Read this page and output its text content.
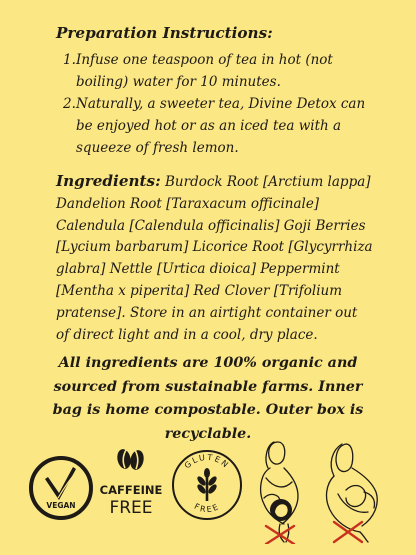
Preparation Instructions:
1. Infuse one teaspoon of tea in hot (not boiling) water for 10 minutes.
2. Naturally, a sweeter tea, Divine Detox can be enjoyed hot or as an iced tea with a squeeze of fresh lemon.

Ingredients: Burdock Root [Arctium lappa] Dandelion Root [Taraxacum officinale] Calendula [Calendula officinalis] Goji Berries [Lycium barbarum] Licorice Root [Glycyrrhiza glabra] Nettle [Urtica dioica] Peppermint [Mentha x piperita] Red Clover [Trifolium pratense]. Store in an airtight container out of direct light and in a cool, dry place.

All ingredients are 100% organic and sourced from sustainable farms. Inner bag is home compostable. Outer box is recyclable.

VEGAN
CAFFEINE
FREE
GLUTEN
FREE
